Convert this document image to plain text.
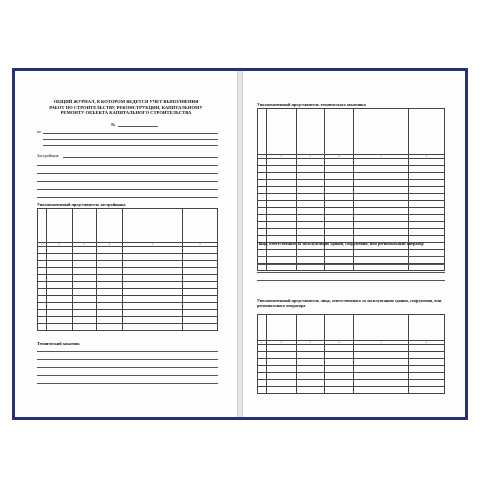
ОБЩИЙ ЖУРНАЛ, В КОТОРОМ ВЕДЕТСЯ УЧЕТ ВЫПОЛНЕНИЯ РАБОТ ПО СТРОИТЕЛЬСТВУ, РЕКОНСТРУКЦИИ, КАПИТАЛЬНОМУ РЕМОНТУ ОБЪЕКТА КАПИТАЛЬНОГО СТРОИТЕЛЬСТВА
№
по
Застройщик
Уполномоченный представитель застройщика

1	2	3	4	5	6

Технический заказчик
Уполномоченный представитель технического заказчика

1	2	3	4	5	6

Лицо, ответственное за эксплуатацию здания, сооружения, или региональный оператор
Уполномоченный представитель лица, ответственного за эксплуатацию здания, сооружения, или регионального оператора

1	2	3	4	5	6
